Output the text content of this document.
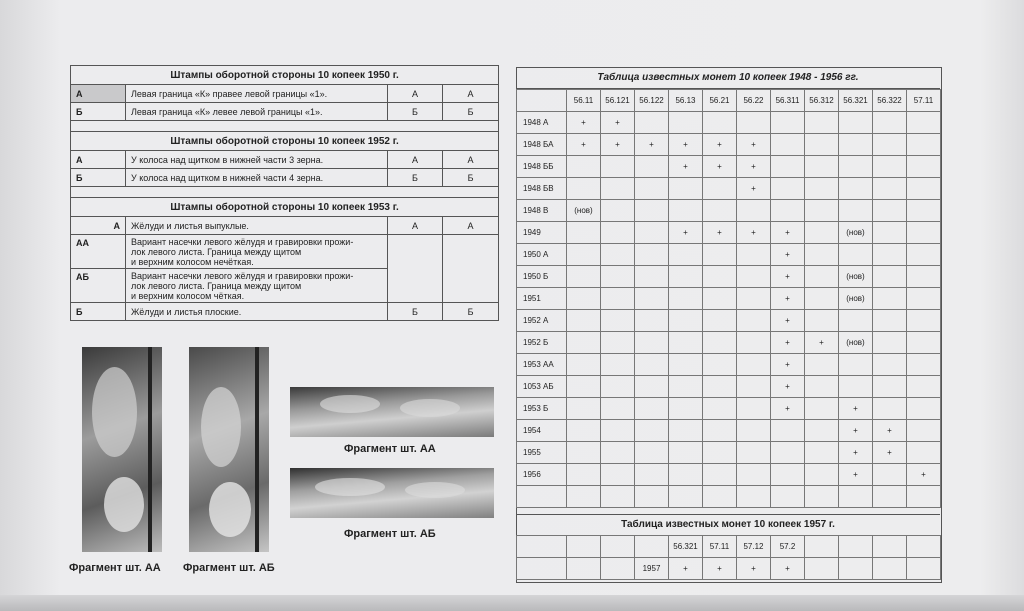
Штампы оборотной стороны 10 копеек 1950 г.			
А	Левая граница «К» правее левой границы «1».	А	А
Б	Левая граница «К» левее левой границы «1».	Б	Б

Штампы оборотной стороны 10 копеек 1952 г.			
А	У колоса над щитком в нижней части 3 зерна.	А	А
Б	У колоса над щитком в нижней части 4 зерна.	Б	Б

Штампы оборотной стороны 10 копеек 1953 г.			
А	Жёлуди и листья выпуклые.	А	А
АА	Вариант насечки левого жёлудя и гравировки прожи-
лок левого листа. Граница между щитом
и верхним колосом нечёткая.		

АБ	Вариант насечки левого жёлудя и гравировки прожи-
лок левого листа. Граница между щитом
и верхним колосом чёткая.		

Б	Жёлуди и листья плоские.	Б	Б
Фрагмент шт. АА Фрагмент шт. АБ
Фрагмент шт. АА
Фрагмент шт. АБ
Таблица известных монет 10 копеек 1948 - 1956 гг.
	56.11	56.121	56.122	56.13	56.21	56.22	56.311	56.312	56.321	56.322	57.11
1948 А	+	+									
1948 БА	+	+	+	+	+	+					
1948 ББ				+	+	+					
1948 БВ						+					
1948 В	(нов)										
1949				+	+	+	+		(нов)		
1950 А							+				
1950 Б							+		(нов)		
1951							+		(нов)		
1952 А							+				
1952 Б							+	+	(нов)		
1953 АА							+				
1053 АБ							+				
1953 Б							+		+		
1954									+	+	
1955									+	+	
1956									+		+

Таблица известных монет 10 копеек 1957 г.
				56.321	57.11	57.12	57.2				
			1957	+	+	+	+				
